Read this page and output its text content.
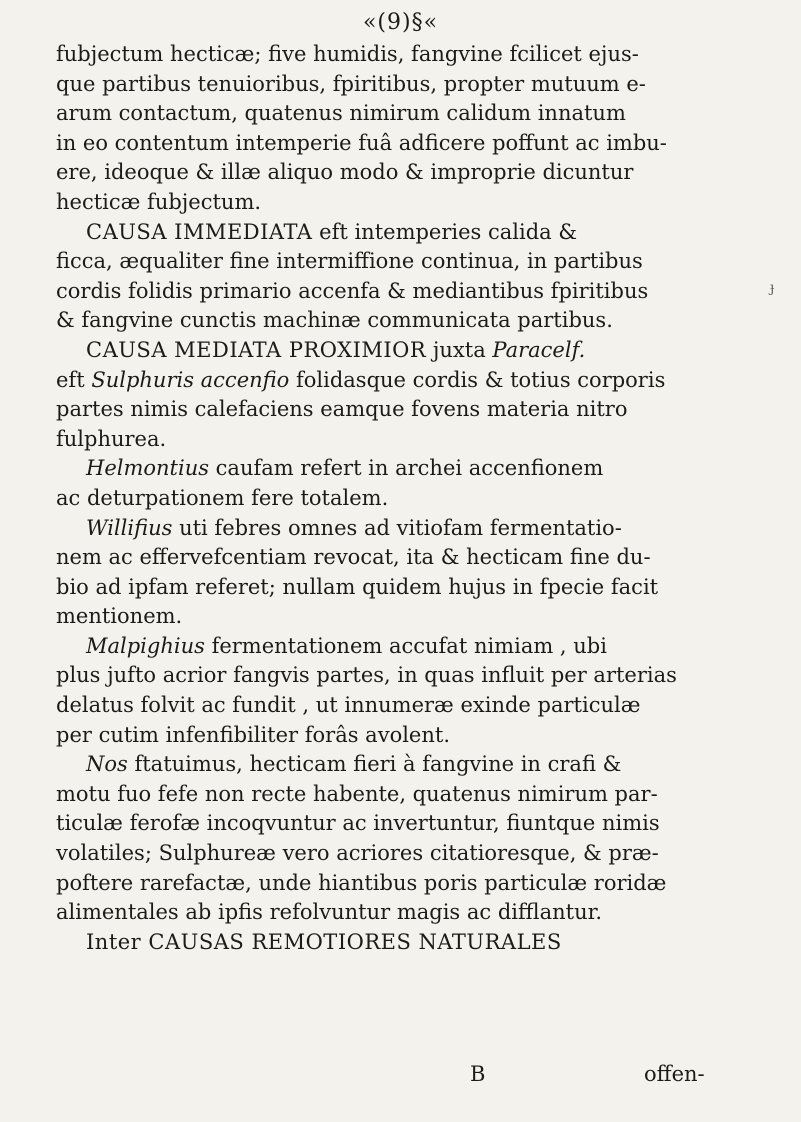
«(9)§«
ɟ
fubjectum hecticæ; five humidis, fangvine fcilicet ejus-
que partibus tenuioribus, fpiritibus, propter mutuum e-
arum contactum, quatenus nimirum calidum innatum
in eo contentum intemperie fuâ adficere poffunt ac imbu-
ere, ideoque & illæ aliquo modo & improprie dicuntur
hecticæ fubjectum.
CAUSA IMMEDIATA eft intemperies calida &
ficca, æqualiter fine intermiffione continua, in partibus
cordis folidis primario accenfa & mediantibus fpiritibus
& fangvine cunctis machinæ communicata partibus.
CAUSA MEDIATA PROXIMIOR juxta Paracelf.
eft Sulphuris accenfio folidasque cordis & totius corporis
partes nimis calefaciens eamque fovens materia nitro
fulphurea.
Helmontius caufam refert in archei accenfionem
ac deturpationem fere totalem.
Willifius uti febres omnes ad vitiofam fermentatio-
nem ac effervefcentiam revocat, ita & hecticam fine du-
bio ad ipfam referet; nullam quidem hujus in fpecie facit
mentionem.
Malpighius fermentationem accufat nimiam , ubi
plus jufto acrior fangvis partes, in quas influit per arterias
delatus folvit ac fundit , ut innumeræ exinde particulæ
per cutim infenfibiliter forâs avolent.
Nos ftatuimus, hecticam fieri à fangvine in crafi &
motu fuo fefe non recte habente, quatenus nimirum par-
ticulæ ferofæ incoqvuntur ac invertuntur, fiuntque nimis
volatiles; Sulphureæ vero acriores citatioresque, & præ-
poftere rarefactæ, unde hiantibus poris particulæ roridæ
alimentales ab ipfis refolvuntur magis ac difflantur.
Inter CAUSAS REMOTIORES NATURALES
B	offen-
